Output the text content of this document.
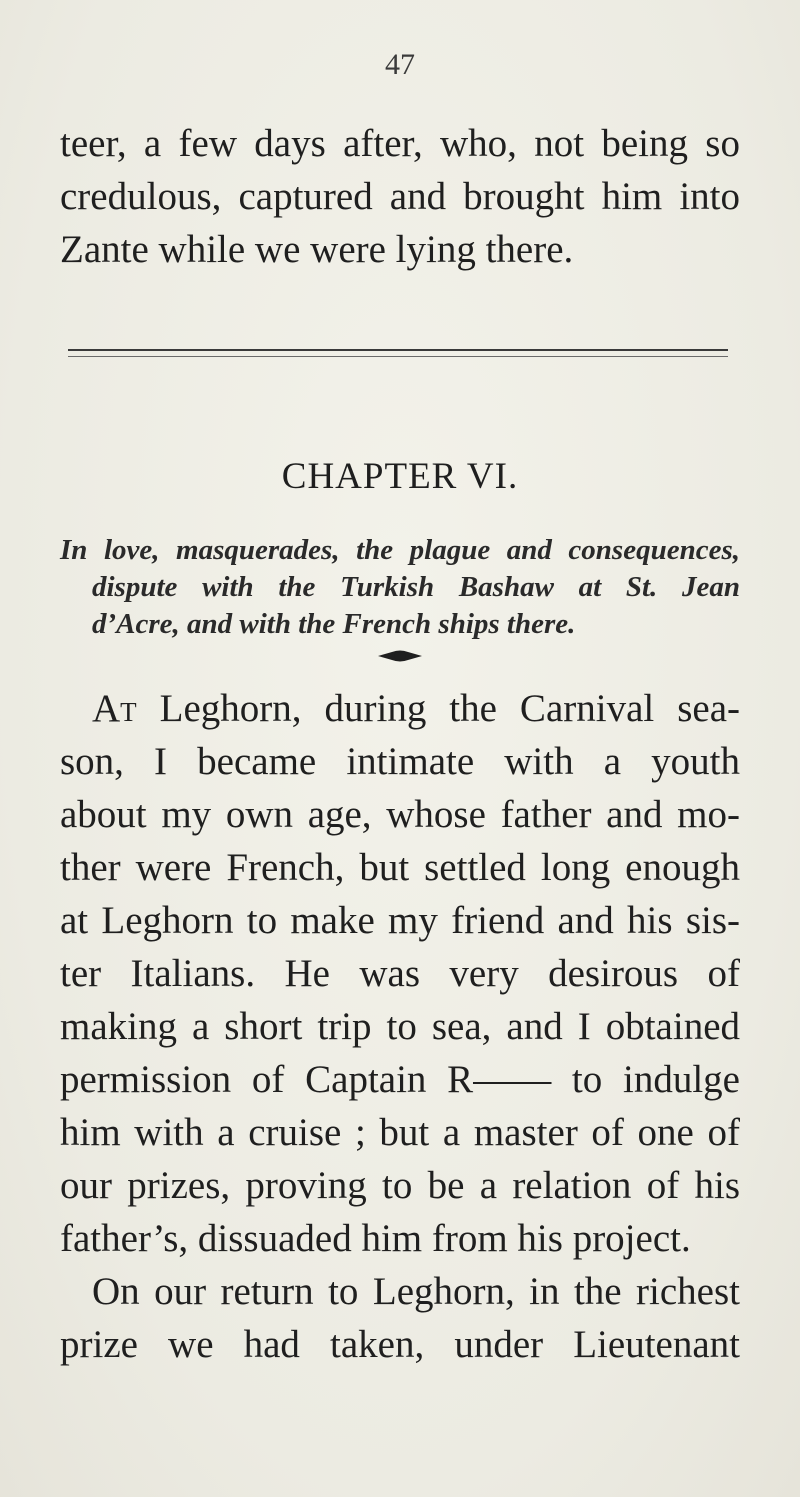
47
teer, a few days after, who, not being so
credulous, captured and brought him into
Zante while we were lying there.
CHAPTER VI.
In love, masquerades, the plague and consequences,
dispute with the Turkish Bashaw at St. Jean
d’Acre, and with the French ships there.
At Leghorn, during the Carnival sea-
son, I became intimate with a youth
about my own age, whose father and mo-
ther were French, but settled long enough
at Leghorn to make my friend and his sis-
ter Italians. He was very desirous of
making a short trip to sea, and I obtained
permission of Captain R—— to indulge
him with a cruise ; but a master of one of
our prizes, proving to be a relation of his
father’s, dissuaded him from his project.
On our return to Leghorn, in the richest
prize we had taken, under Lieutenant
